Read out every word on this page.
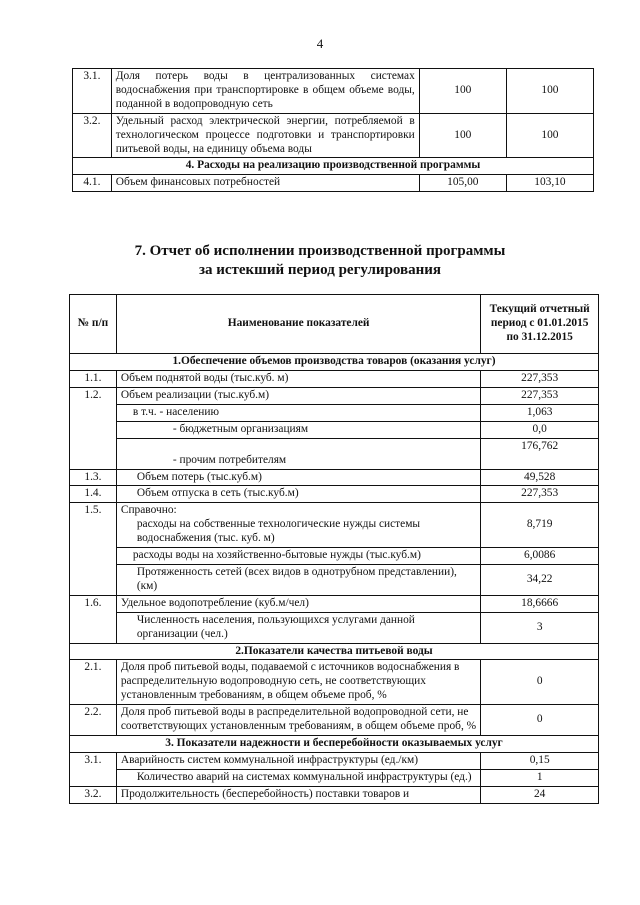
4
3.1.	Доля потерь воды в централизованных системах водоснабжения при транспортировке в общем объеме воды, поданной в водопроводную сеть	100	100
3.2.	Удельный расход электрической энергии, потребляемой в технологическом процессе подготовки и транспортировки питьевой воды, на единицу объема воды	100	100
4. Расходы на реализацию производственной программы			
4.1.	Объем финансовых потребностей	105,00	103,10
7. Отчет об исполнении производственной программы
за истекший период регулирования
№ п/п	Наименование показателей	Текущий отчетный период с 01.01.2015 по 31.12.2015
1.Обеспечение объемов производства товаров (оказания услуг)		
1.1.	Объем поднятой воды (тыс.куб. м)	227,353
1.2.	Объем реализации (тыс.куб.м)	227,353
	в т.ч. - населению	1,063
	- бюджетным организациям	0,0
	- прочим потребителям	176,762
1.3.	Объем потерь (тыс.куб.м)	49,528
1.4.	Объем отпуска в сеть (тыс.куб.м)	227,353
1.5.	Справочно:
расходы на собственные технологические нужды системы водоснабжения (тыс. куб. м)	8,719
	расходы воды на хозяйственно-бытовые нужды (тыс.куб.м)	6,0086
	Протяженность сетей (всех видов в однотрубном представлении), (км)	34,22
1.6.	Удельное водопотребление (куб.м/чел)	18,6666
	Численность населения, пользующихся услугами данной организации (чел.)	3
2.Показатели качества питьевой воды		
2.1.	Доля проб питьевой воды, подаваемой с источников водоснабжения в распределительную водопроводную сеть, не соответствующих установленным требованиям, в общем объеме проб, %	0
2.2.	Доля проб питьевой воды в распределительной водопроводной сети, не соответствующих установленным требованиям, в общем объеме проб, %	0
3. Показатели надежности и бесперебойности оказываемых услуг		
3.1.	Аварийность систем коммунальной инфраструктуры (ед./км)	0,15
	Количество аварий на системах коммунальной инфраструктуры (ед.)	1
3.2.	Продолжительность (бесперебойность) поставки товаров и	24
